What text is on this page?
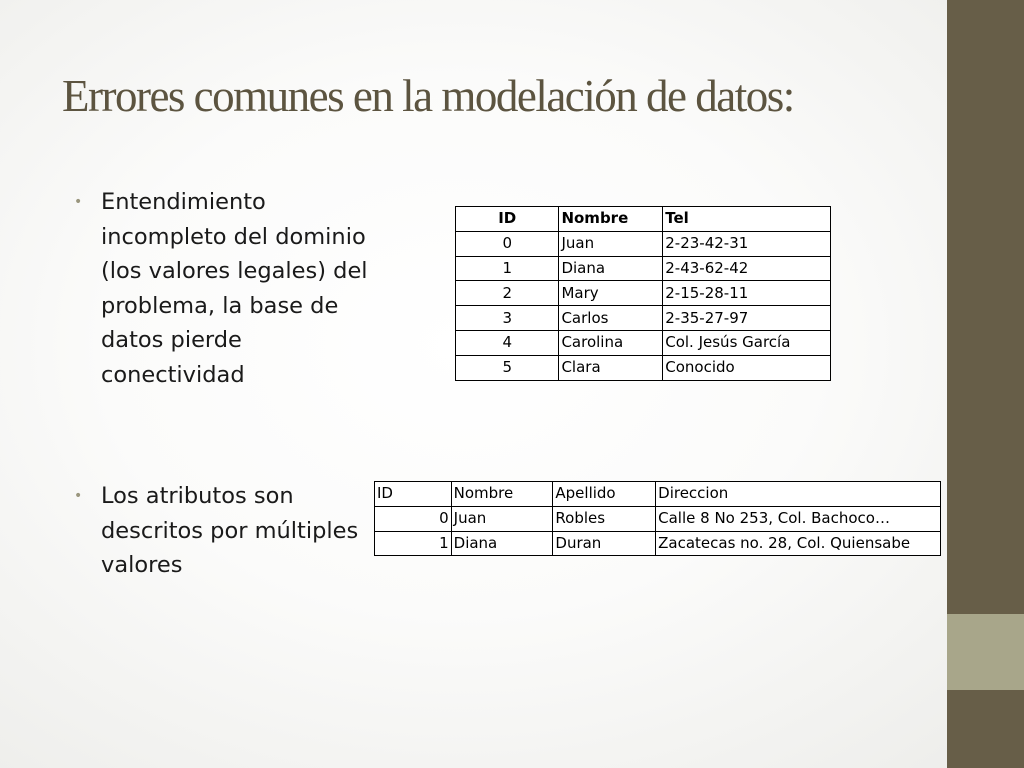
Errores comunes en la modelación de datos:
• Entendimiento incompleto del dominio (los valores legales) del problema, la base de datos pierde conectividad

• Los atributos son descritos por múltiples valores

ID	Nombre	Tel
0	Juan	2-23-42-31
1	Diana	2-43-62-42
2	Mary	2-15-28-11
3	Carlos	2-35-27-97
4	Carolina	Col. Jesús García
5	Clara	Conocido
ID	Nombre	Apellido	Direccion
0	Juan	Robles	Calle 8 No 253, Col. Bachoco…
1	Diana	Duran	Zacatecas no. 28, Col. Quiensabe
